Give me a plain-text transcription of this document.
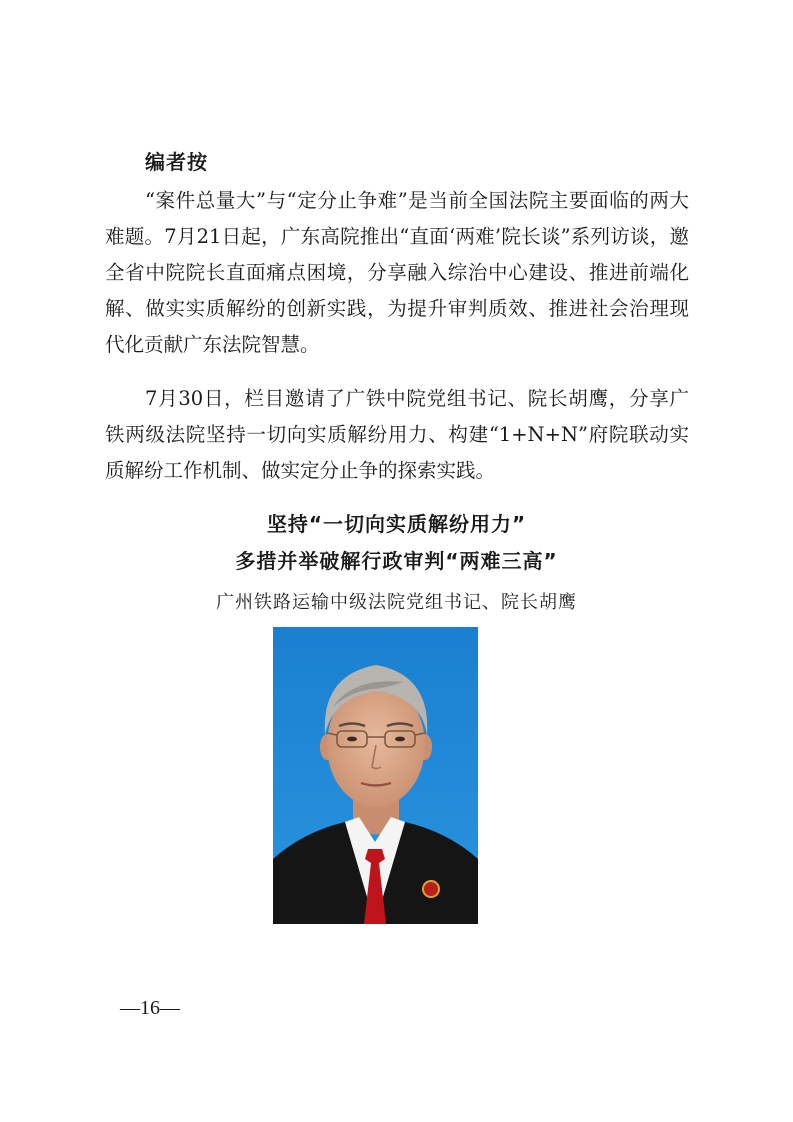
编者按

“案件总量大”与“定分止争难”是当前全国法院主要面临的两大难题。7月21日起，广东高院推出“直面‘两难’院长谈”系列访谈，邀全省中院院长直面痛点困境，分享融入综治中心建设、推进前端化解、做实实质解纷的创新实践，为提升审判质效、推进社会治理现代化贡献广东法院智慧。

7月30日，栏目邀请了广铁中院党组书记、院长胡鹰，分享广铁两级法院坚持一切向实质解纷用力、构建“1+N+N”府院联动实质解纷工作机制、做实定分止争的探索实践。

坚持“一切向实质解纷用力”
多措并举破解行政审判“两难三高”
广州铁路运输中级法院党组书记、院长胡鹰
—16—
